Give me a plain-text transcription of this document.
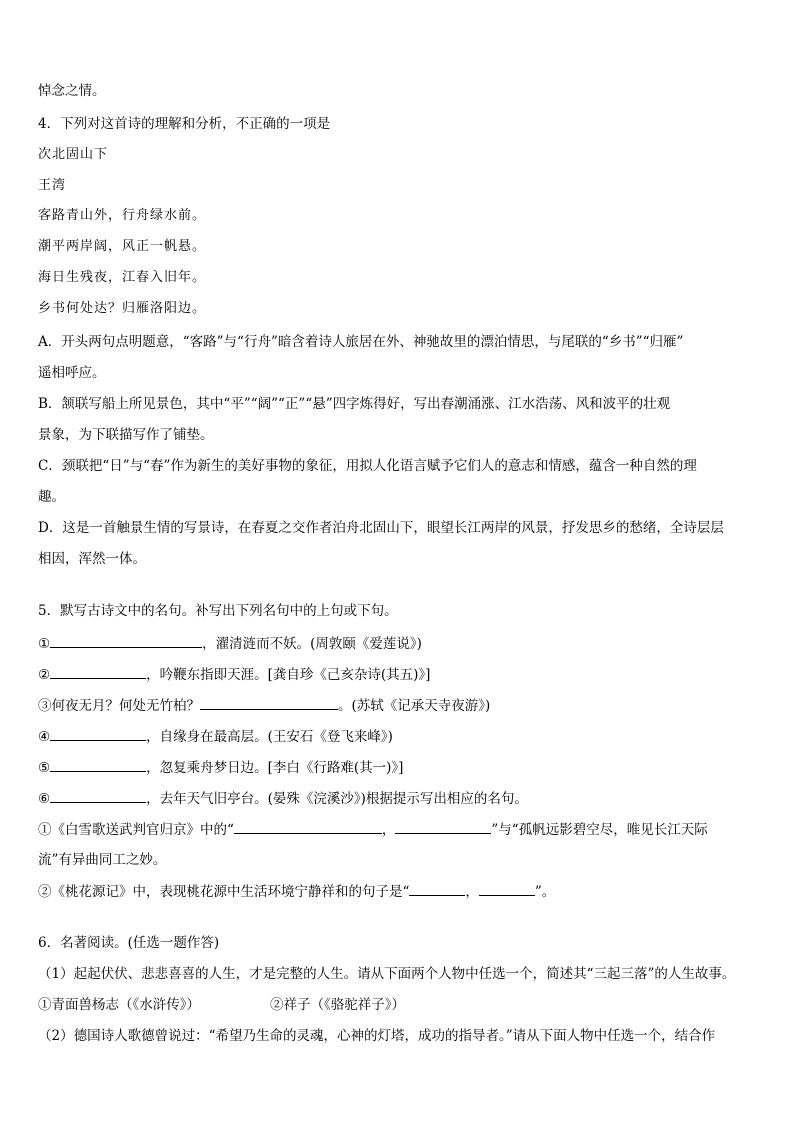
悼念之情。
4．下列对这首诗的理解和分析，不正确的一项是
次北固山下
王湾
客路青山外，行舟绿水前。
潮平两岸阔，风正一帆悬。
海日生残夜，江春入旧年。
乡书何处达？归雁洛阳边。
A．开头两句点明题意，“客路”与“行舟”暗含着诗人旅居在外、神驰故里的漂泊情思，与尾联的“乡书”“归雁”
遥相呼应。
B．颔联写船上所见景色，其中“平”“阔”“正”“悬”四字炼得好，写出春潮涌涨、江水浩荡、风和波平的壮观
景象，为下联描写作了铺垫。
C．颈联把“日”与“春”作为新生的美好事物的象征，用拟人化语言赋予它们人的意志和情感，蕴含一种自然的理
趣。
D．这是一首触景生情的写景诗，在春夏之交作者泊舟北固山下，眼望长江两岸的风景，抒发思乡的愁绪，全诗层层
相因，浑然一体。
5．默写古诗文中的名句。补写出下列名句中的上句或下句。
①	，濯清涟而不妖。(周敦颐《爱莲说》)
②	，吟鞭东指即天涯。[龚自珍《己亥杂诗(其五)》]
③何夜无月？何处无竹柏？	。(苏轼《记承天寺夜游》)
④	，自缘身在最高层。(王安石《登飞来峰》)
⑤	，忽复乘舟梦日边。[李白《行路难(其一)》]
⑥	，去年天气旧亭台。(晏殊《浣溪沙》)根据提示写出相应的名句。
①《白雪歌送武判官归京》中的“	，	”与“孤帆远影碧空尽，唯见长江天际
流”有异曲同工之妙。
②《桃花源记》中，表现桃花源中生活环境宁静祥和的句子是“	，	”。
6．名著阅读。(任选一题作答)
（1）起起伏伏、悲悲喜喜的人生，才是完整的人生。请从下面两个人物中任选一个，简述其“三起三落”的人生故事。
①青面兽杨志（《水浒传》）	②祥子（《骆驼祥子》）
（2）德国诗人歌德曾说过：“希望乃生命的灵魂，心神的灯塔，成功的指导者。”请从下面人物中任选一个，结合作
